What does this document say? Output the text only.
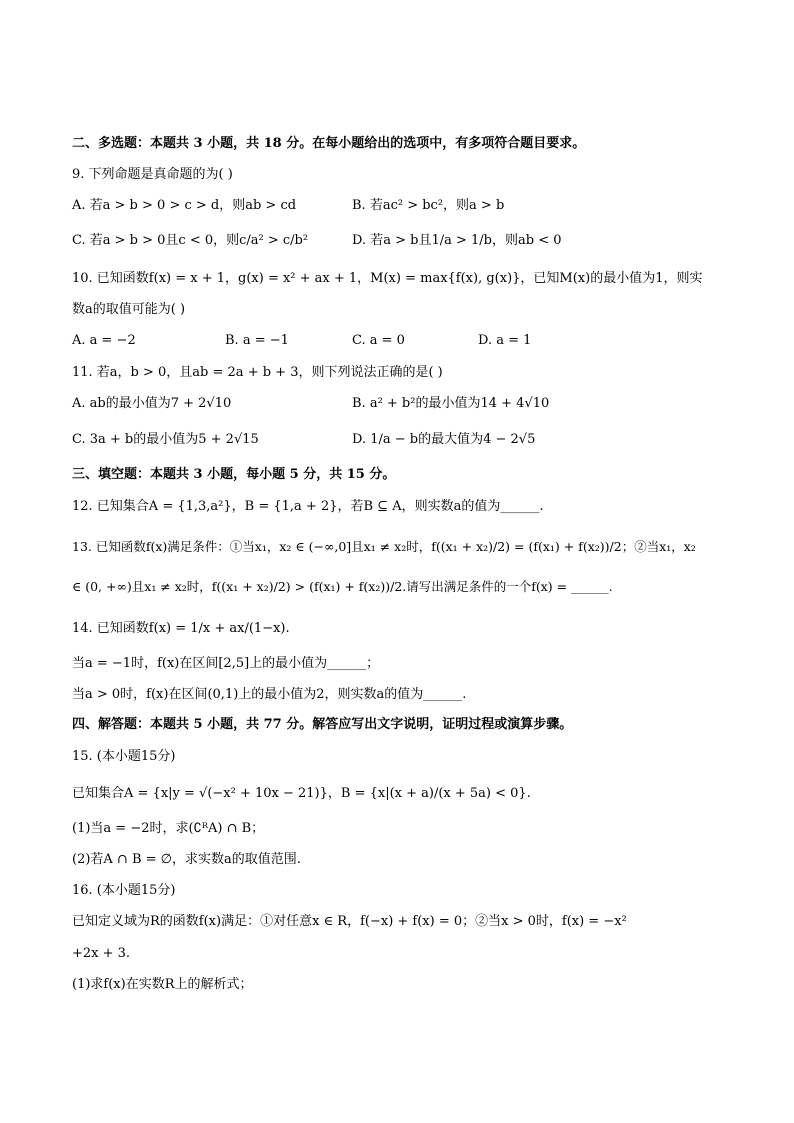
二、多选题：本题共 3 小题，共 18 分。在每小题给出的选项中，有多项符合题目要求。
9. 下列命题是真命题的为( )
A. 若a > b > 0 > c > d，则ab > cd	B. 若ac² > bc²，则a > b
C. 若a > b > 0且c < 0，则c/a² > c/b²	D. 若a > b且1/a > 1/b，则ab < 0
10. 已知函数f(x) = x + 1，g(x) = x² + ax + 1，M(x) = max{f(x), g(x)}，已知M(x)的最小值为1，则实
数a的取值可能为( )
A. a = −2	B. a = −1	C. a = 0	D. a = 1
11. 若a，b > 0，且ab = 2a + b + 3，则下列说法正确的是( )
A. ab的最小值为7 + 2√10	B. a² + b²的最小值为14 + 4√10
C. 3a + b的最小值为5 + 2√15	D. 1/a − b的最大值为4 − 2√5
三、填空题：本题共 3 小题，每小题 5 分，共 15 分。
12. 已知集合A = {1,3,a²}，B = {1,a + 2}，若B ⊆ A，则实数a的值为______.
13. 已知函数f(x)满足条件：①当x₁，x₂ ∈ (−∞,0]且x₁ ≠ x₂时，f((x₁ + x₂)/2) = (f(x₁) + f(x₂))/2；②当x₁，x₂
∈ (0, +∞)且x₁ ≠ x₂时，f((x₁ + x₂)/2) > (f(x₁) + f(x₂))/2.请写出满足条件的一个f(x) = ______.
14. 已知函数f(x) = 1/x + ax/(1−x).
当a = −1时，f(x)在区间[2,5]上的最小值为______；
当a > 0时，f(x)在区间(0,1)上的最小值为2，则实数a的值为______.
四、解答题：本题共 5 小题，共 77 分。解答应写出文字说明，证明过程或演算步骤。
15. (本小题15分)
已知集合A = {x|y = √(−x² + 10x − 21)}，B = {x|(x + a)/(x + 5a) < 0}.
(1)当a = −2时，求(∁ᴿA) ∩ B；
(2)若A ∩ B = ∅，求实数a的取值范围.
16. (本小题15分)
已知定义域为R的函数f(x)满足：①对任意x ∈ R，f(−x) + f(x) = 0；②当x > 0时，f(x) = −x²
+2x + 3.
(1)求f(x)在实数R上的解析式；
